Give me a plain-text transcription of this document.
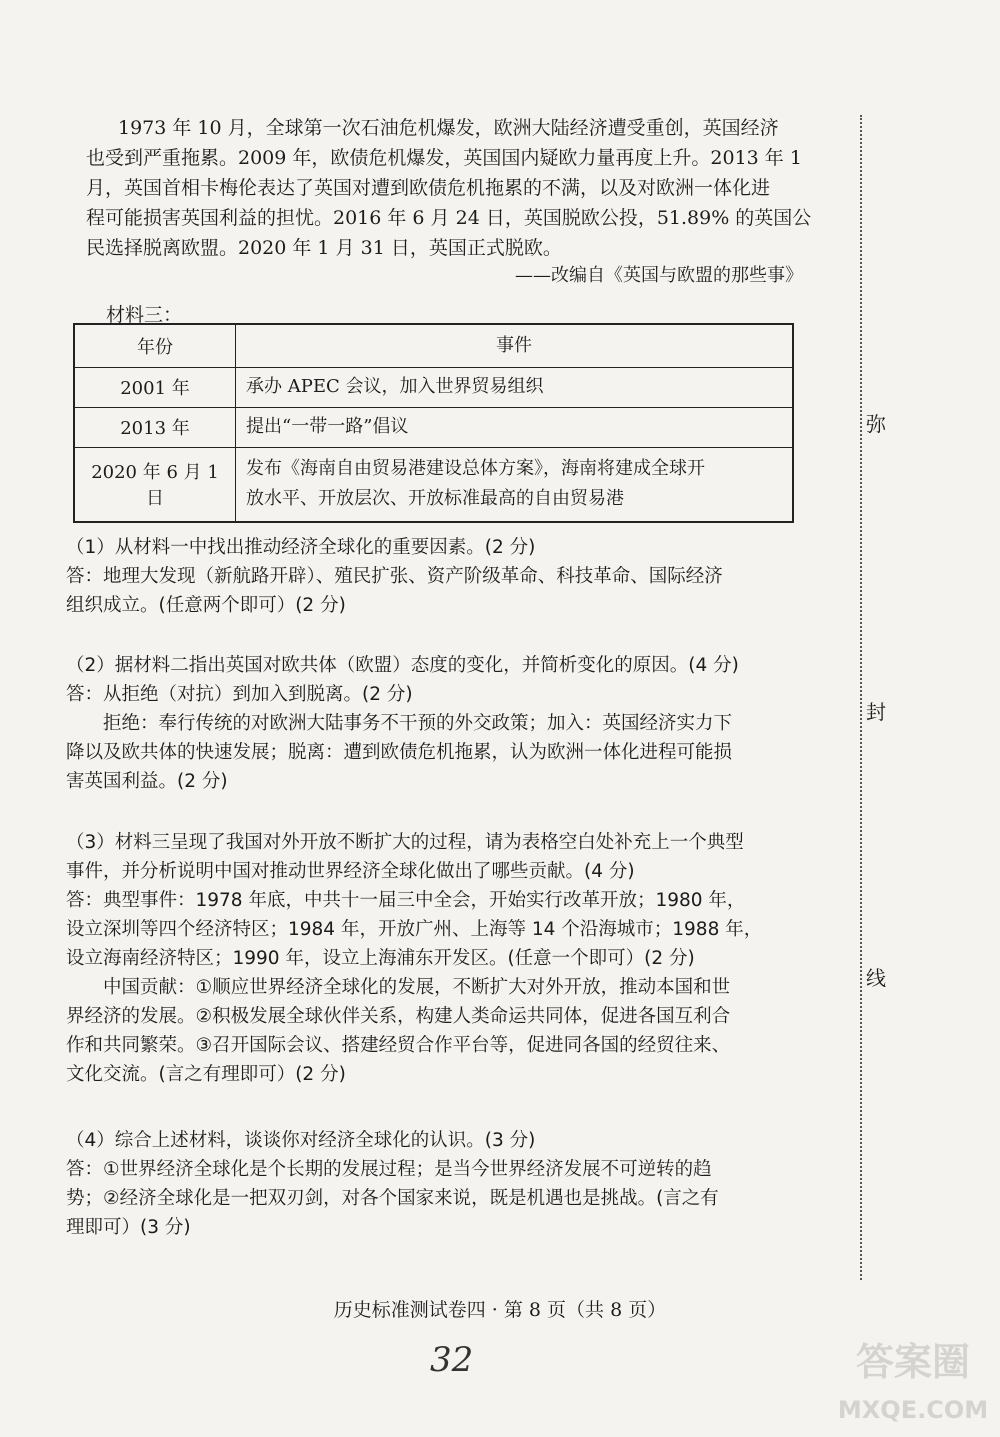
1973 年 10 月，全球第一次石油危机爆发，欧洲大陆经济遭受重创，英国经济
也受到严重拖累。2009 年，欧债危机爆发，英国国内疑欧力量再度上升。2013 年 1
月，英国首相卡梅伦表达了英国对遭到欧债危机拖累的不满，以及对欧洲一体化进
程可能损害英国利益的担忧。2016 年 6 月 24 日，英国脱欧公投，51.89% 的英国公
民选择脱离欧盟。2020 年 1 月 31 日，英国正式脱欧。
——改编自《英国与欧盟的那些事》
材料三：
年份	事件
2001 年	承办 APEC 会议，加入世界贸易组织
2013 年	提出“一带一路”倡议
2020 年 6 月 1 日	发布《海南自由贸易港建设总体方案》，海南将建成全球开
放水平、开放层次、开放标准最高的自由贸易港
（1）从材料一中找出推动经济全球化的重要因素。(2 分)
答：地理大发现（新航路开辟）、殖民扩张、资产阶级革命、科技革命、国际经济
组织成立。(任意两个即可）(2 分)
（2）据材料二指出英国对欧共体（欧盟）态度的变化，并简析变化的原因。(4 分)
答：从拒绝（对抗）到加入到脱离。(2 分)
拒绝：奉行传统的对欧洲大陆事务不干预的外交政策；加入：英国经济实力下
降以及欧共体的快速发展；脱离：遭到欧债危机拖累，认为欧洲一体化进程可能损
害英国利益。(2 分)
（3）材料三呈现了我国对外开放不断扩大的过程，请为表格空白处补充上一个典型
事件，并分析说明中国对推动世界经济全球化做出了哪些贡献。(4 分)
答：典型事件：1978 年底，中共十一届三中全会，开始实行改革开放；1980 年，
设立深圳等四个经济特区；1984 年，开放广州、上海等 14 个沿海城市；1988 年，
设立海南经济特区；1990 年，设立上海浦东开发区。(任意一个即可）(2 分)
中国贡献：①顺应世界经济全球化的发展，不断扩大对外开放，推动本国和世
界经济的发展。②积极发展全球伙伴关系，构建人类命运共同体，促进各国互利合
作和共同繁荣。③召开国际会议、搭建经贸合作平台等，促进同各国的经贸往来、
文化交流。(言之有理即可）(2 分)
（4）综合上述材料，谈谈你对经济全球化的认识。(3 分)
答：①世界经济全球化是个长期的发展过程；是当今世界经济发展不可逆转的趋
势；②经济全球化是一把双刃剑，对各个国家来说，既是机遇也是挑战。(言之有
理即可）(3 分)
弥
封
线
历史标准测试卷四 · 第 8 页（共 8 页）
32	答案圈
MXQE.COM
